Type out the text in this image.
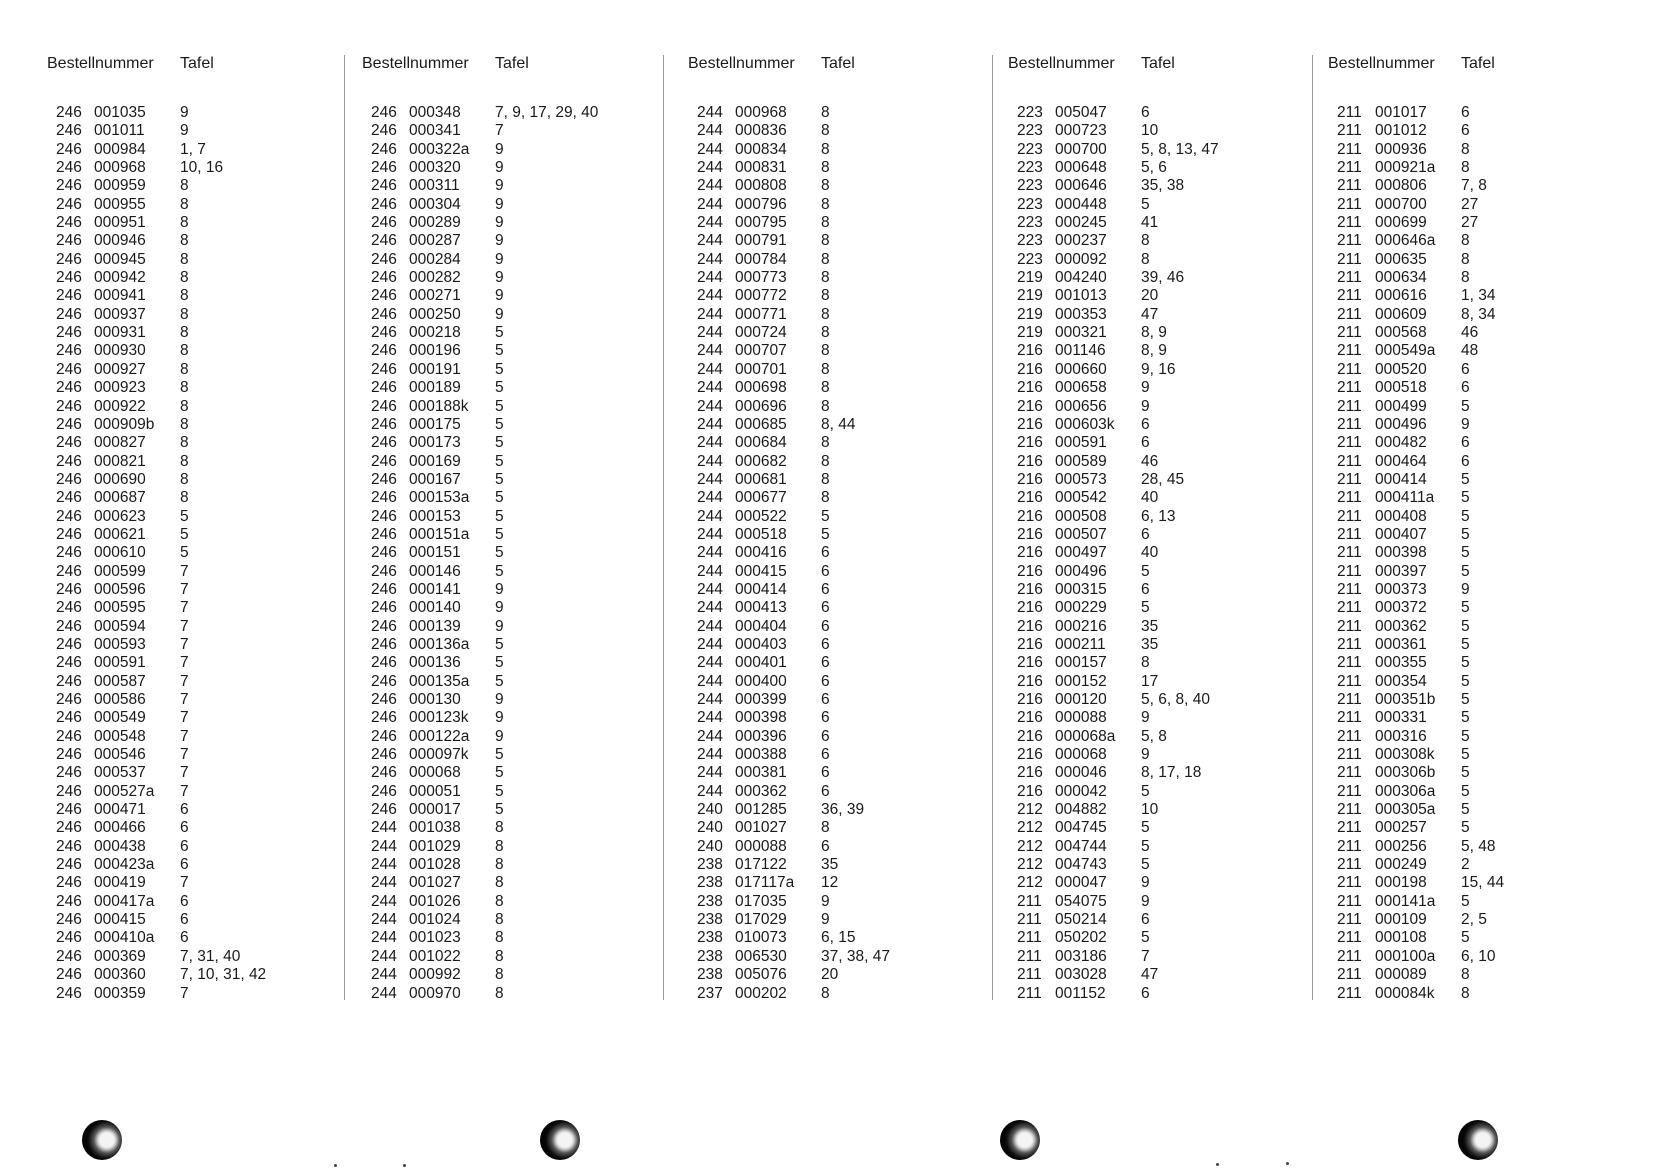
Bestellnummer Tafel
246 001035 9
246 001011 9
246 000984 1, 7
246 000968 10, 16
246 000959 8
246 000955 8
246 000951 8
246 000946 8
246 000945 8
246 000942 8
246 000941 8
246 000937 8
246 000931 8
246 000930 8
246 000927 8
246 000923 8
246 000922 8
246 000909b 8
246 000827 8
246 000821 8
246 000690 8
246 000687 8
246 000623 5
246 000621 5
246 000610 5
246 000599 7
246 000596 7
246 000595 7
246 000594 7
246 000593 7
246 000591 7
246 000587 7
246 000586 7
246 000549 7
246 000548 7
246 000546 7
246 000537 7
246 000527a 7
246 000471 6
246 000466 6
246 000438 6
246 000423a 6
246 000419 7
246 000417a 6
246 000415 6
246 000410a 6
246 000369 7, 31, 40
246 000360 7, 10, 31, 42
246 000359 7
Bestellnummer Tafel
246 000348 7, 9, 17, 29, 40
246 000341 7
246 000322a 9
246 000320 9
246 000311 9
246 000304 9
246 000289 9
246 000287 9
246 000284 9
246 000282 9
246 000271 9
246 000250 9
246 000218 5
246 000196 5
246 000191 5
246 000189 5
246 000188k 5
246 000175 5
246 000173 5
246 000169 5
246 000167 5
246 000153a 5
246 000153 5
246 000151a 5
246 000151 5
246 000146 5
246 000141 9
246 000140 9
246 000139 9
246 000136a 5
246 000136 5
246 000135a 5
246 000130 9
246 000123k 9
246 000122a 9
246 000097k 5
246 000068 5
246 000051 5
246 000017 5
244 001038 8
244 001029 8
244 001028 8
244 001027 8
244 001026 8
244 001024 8
244 001023 8
244 001022 8
244 000992 8
244 000970 8
Bestellnummer Tafel
244 000968 8
244 000836 8
244 000834 8
244 000831 8
244 000808 8
244 000796 8
244 000795 8
244 000791 8
244 000784 8
244 000773 8
244 000772 8
244 000771 8
244 000724 8
244 000707 8
244 000701 8
244 000698 8
244 000696 8
244 000685 8, 44
244 000684 8
244 000682 8
244 000681 8
244 000677 8
244 000522 5
244 000518 5
244 000416 6
244 000415 6
244 000414 6
244 000413 6
244 000404 6
244 000403 6
244 000401 6
244 000400 6
244 000399 6
244 000398 6
244 000396 6
244 000388 6
244 000381 6
244 000362 6
240 001285 36, 39
240 001027 8
240 000088 6
238 017122 35
238 017117a 12
238 017035 9
238 017029 9
238 010073 6, 15
238 006530 37, 38, 47
238 005076 20
237 000202 8
Bestellnummer Tafel
223 005047 6
223 000723 10
223 000700 5, 8, 13, 47
223 000648 5, 6
223 000646 35, 38
223 000448 5
223 000245 41
223 000237 8
223 000092 8
219 004240 39, 46
219 001013 20
219 000353 47
219 000321 8, 9
216 001146 8, 9
216 000660 9, 16
216 000658 9
216 000656 9
216 000603k 6
216 000591 6
216 000589 46
216 000573 28, 45
216 000542 40
216 000508 6, 13
216 000507 6
216 000497 40
216 000496 5
216 000315 6
216 000229 5
216 000216 35
216 000211 35
216 000157 8
216 000152 17
216 000120 5, 6, 8, 40
216 000088 9
216 000068a 5, 8
216 000068 9
216 000046 8, 17, 18
216 000042 5
212 004882 10
212 004745 5
212 004744 5
212 004743 5
212 000047 9
211 054075 9
211 050214 6
211 050202 5
211 003186 7
211 003028 47
211 001152 6
Bestellnummer Tafel
211 001017 6
211 001012 6
211 000936 8
211 000921a 8
211 000806 7, 8
211 000700 27
211 000699 27
211 000646a 8
211 000635 8
211 000634 8
211 000616 1, 34
211 000609 8, 34
211 000568 46
211 000549a 48
211 000520 6
211 000518 6
211 000499 5
211 000496 9
211 000482 6
211 000464 6
211 000414 5
211 000411a 5
211 000408 5
211 000407 5
211 000398 5
211 000397 5
211 000373 9
211 000372 5
211 000362 5
211 000361 5
211 000355 5
211 000354 5
211 000351b 5
211 000331 5
211 000316 5
211 000308k 5
211 000306b 5
211 000306a 5
211 000305a 5
211 000257 5
211 000256 5, 48
211 000249 2
211 000198 15, 44
211 000141a 5
211 000109 2, 5
211 000108 5
211 000100a 6, 10
211 000089 8
211 000084k 8
